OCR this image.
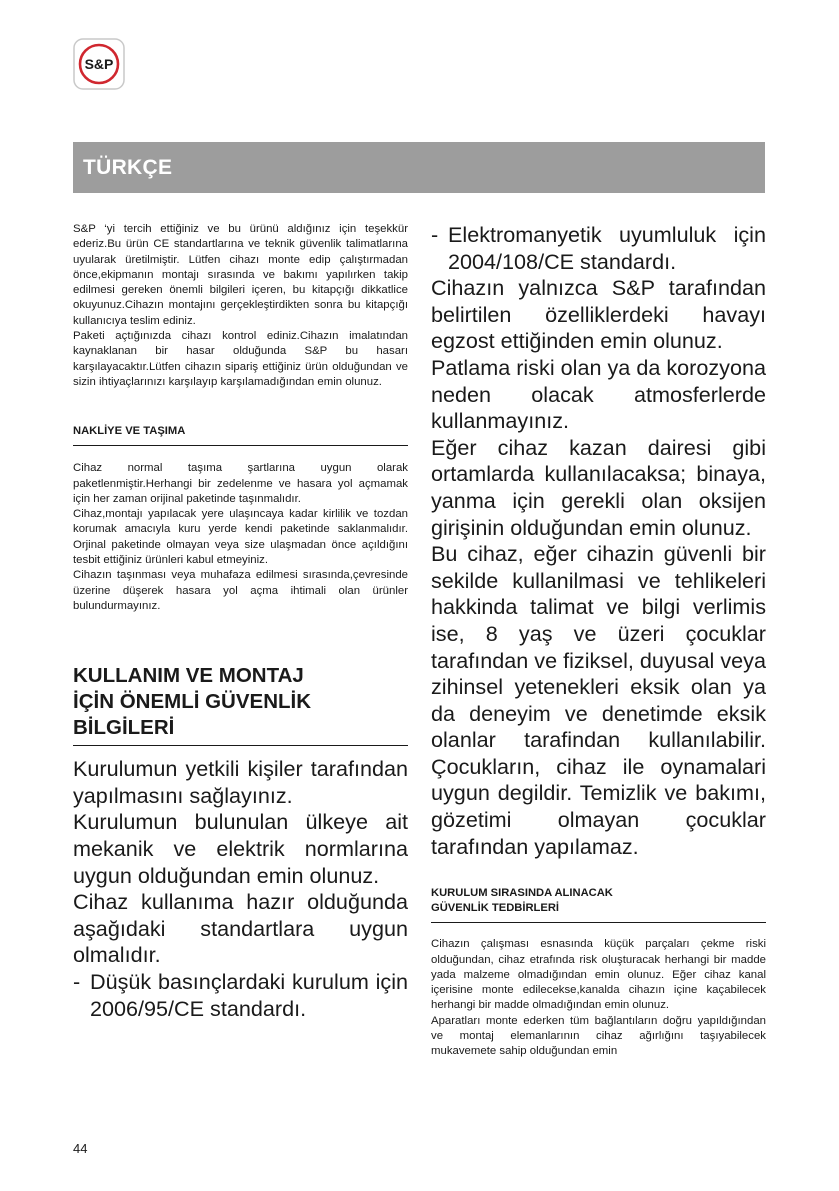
S&P
TÜRKÇE

S&P ‘yi tercih ettiğiniz ve bu ürünü aldığınız için teşekkür ederiz.Bu ürün CE standartlarına ve teknik güvenlik talimatlarına uyularak üretilmiştir. Lütfen cihazı monte edip çalıştırmadan önce,ekipmanın montajı sırasında ve bakımı yapılırken takip edilmesi gereken önemli bilgileri içeren, bu kitapçığı dikkatlice okuyunuz.Cihazın montajını gerçekleştirdikten sonra bu kitapçığı kullanıcıya teslim ediniz.

Paketi açtığınızda cihazı kontrol ediniz.Cihazın imalatından kaynaklanan bir hasar olduğunda S&P bu hasarı karşılayacaktır.Lütfen cihazın sipariş ettiğiniz ürün olduğundan ve sizin ihtiyaçlarınızı karşılayıp karşılamadığından emin olunuz.

NAKLİYE VE TAŞIMA

Cihaz normal taşıma şartlarına uygun olarak paketlenmiştir.Herhangi bir zedelenme ve hasara yol açmamak için her zaman orijinal paketinde taşınmalıdır.

Cihaz,montajı yapılacak yere ulaşıncaya kadar kirlilik ve tozdan korumak amacıyla kuru yerde kendi paketinde saklanmalıdır. Orjinal paketinde olmayan veya size ulaşmadan önce açıldığını tesbit ettiğiniz ürünleri kabul etmeyiniz.

Cihazın taşınması veya muhafaza edilmesi sırasında,çevresinde üzerine düşerek hasara yol açma ihtimali olan ürünler bulundurmayınız.

KULLANIM VE MONTAJ
İÇİN ÖNEMLİ GÜVENLİK
BİLGİLERİ

Kurulumun yetkili kişiler tarafından yapılmasını sağlayınız.

Kurulumun bulunulan ülkeye ait mekanik ve elektrik normlarına uygun olduğundan emin olunuz.

Cihaz kullanıma hazır olduğunda aşağıdaki standartlara uygun olmalıdır.

- Düşük basınçlardaki kurulum için 2006/95/CE standardı.
- Elektromanyetik uyumluluk için 2004/108/CE standardı.

Cihazın yalnızca S&P tarafından belirtilen özelliklerdeki havayı egzost ettiğinden emin olunuz.

Patlama riski olan ya da korozyona neden olacak atmosferlerde kullanmayınız.

Eğer cihaz kazan dairesi gibi ortamlarda kullanılacaksa; binaya, yanma için gerekli olan oksijen girişinin olduğundan emin olunuz.

Bu cihaz, eğer cihazin güvenli bir sekilde kullanilmasi ve tehlikeleri hakkinda talimat ve bilgi verlimis ise, 8 yaş ve üzeri çocuklar tarafından ve fiziksel, duyusal veya zihinsel yetenekleri eksik olan ya da deneyim ve denetimde eksik olanlar tarafindan kullanılabilir. Çocukların, cihaz ile oynamalari uygun degildir. Temizlik ve bakımı, gözetimi olmayan çocuklar tarafından yapılamaz.

KURULUM SIRASINDA ALINACAK
GÜVENLİK TEDBİRLERİ

Cihazın çalışması esnasında küçük parçaları çekme riski olduğundan, cihaz etrafında risk oluşturacak herhangi bir madde yada malzeme olmadığından emin olunuz. Eğer cihaz kanal içerisine monte edilecekse,kanalda cihazın içine kaçabilecek herhangi bir madde olmadığından emin olunuz.

Aparatları monte ederken tüm bağlantıların doğru yapıldığından ve montaj elemanlarının cihaz ağırlığını taşıyabilecek mukavemete sahip olduğundan emin

44
